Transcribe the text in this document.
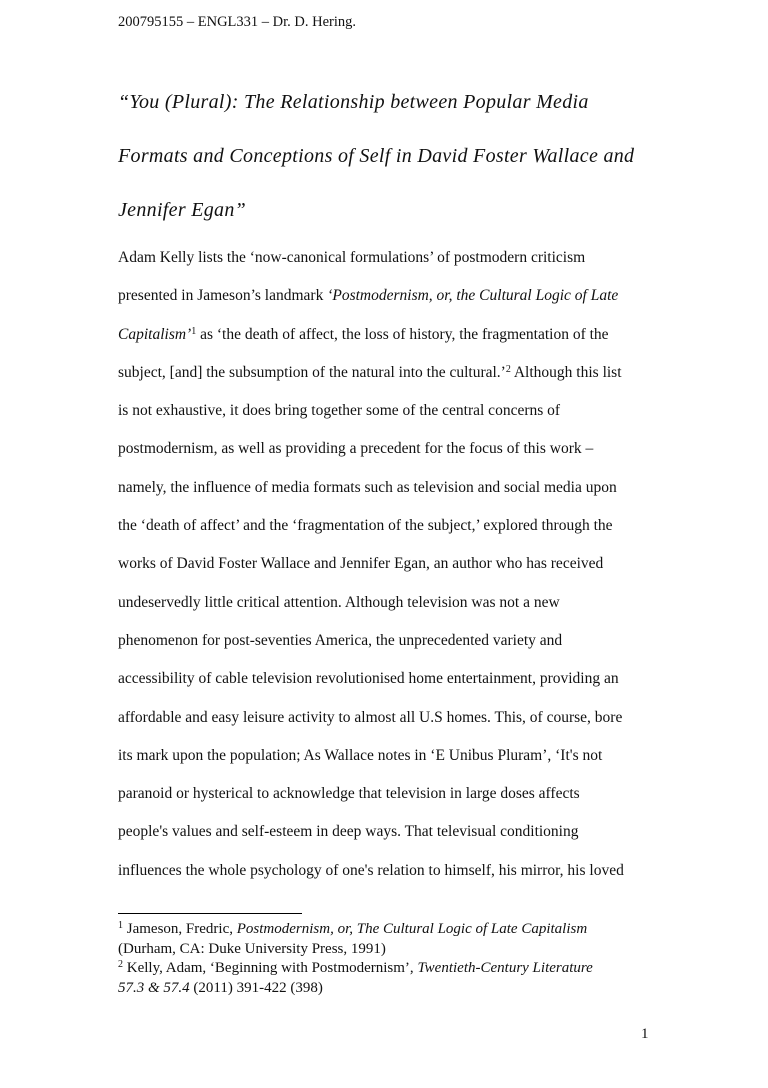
200795155 – ENGL331 – Dr. D. Hering.
“You (Plural): The Relationship between Popular Media
Formats and Conceptions of Self in David Foster Wallace and
Jennifer Egan”
Adam Kelly lists the ‘now-canonical formulations’ of postmodern criticism
presented in Jameson’s landmark ‘Postmodernism, or, the Cultural Logic of Late
Capitalism’$^1$ as ‘the death of affect, the loss of history, the fragmentation of the
subject, [and] the subsumption of the natural into the cultural.’$^2$ Although this list
is not exhaustive, it does bring together some of the central concerns of
postmodernism, as well as providing a precedent for the focus of this work –
namely, the influence of media formats such as television and social media upon
the ‘death of affect’ and the ‘fragmentation of the subject,’ explored through the
works of David Foster Wallace and Jennifer Egan, an author who has received
undeservedly little critical attention. Although television was not a new
phenomenon for post-seventies America, the unprecedented variety and
accessibility of cable television revolutionised home entertainment, providing an
affordable and easy leisure activity to almost all U.S homes. This, of course, bore
its mark upon the population; As Wallace notes in ‘E Unibus Pluram’, ‘It's not
paranoid or hysterical to acknowledge that television in large doses affects
people's values and self-esteem in deep ways. That televisual conditioning
influences the whole psychology of one's relation to himself, his mirror, his loved
$^1$ Jameson, Fredric, Postmodernism, or, The Cultural Logic of Late Capitalism
(Durham, CA: Duke University Press, 1991)
$^2$ Kelly, Adam, ‘Beginning with Postmodernism’, Twentieth-Century Literature
57.3 & 57.4 (2011) 391-422 (398)
1
